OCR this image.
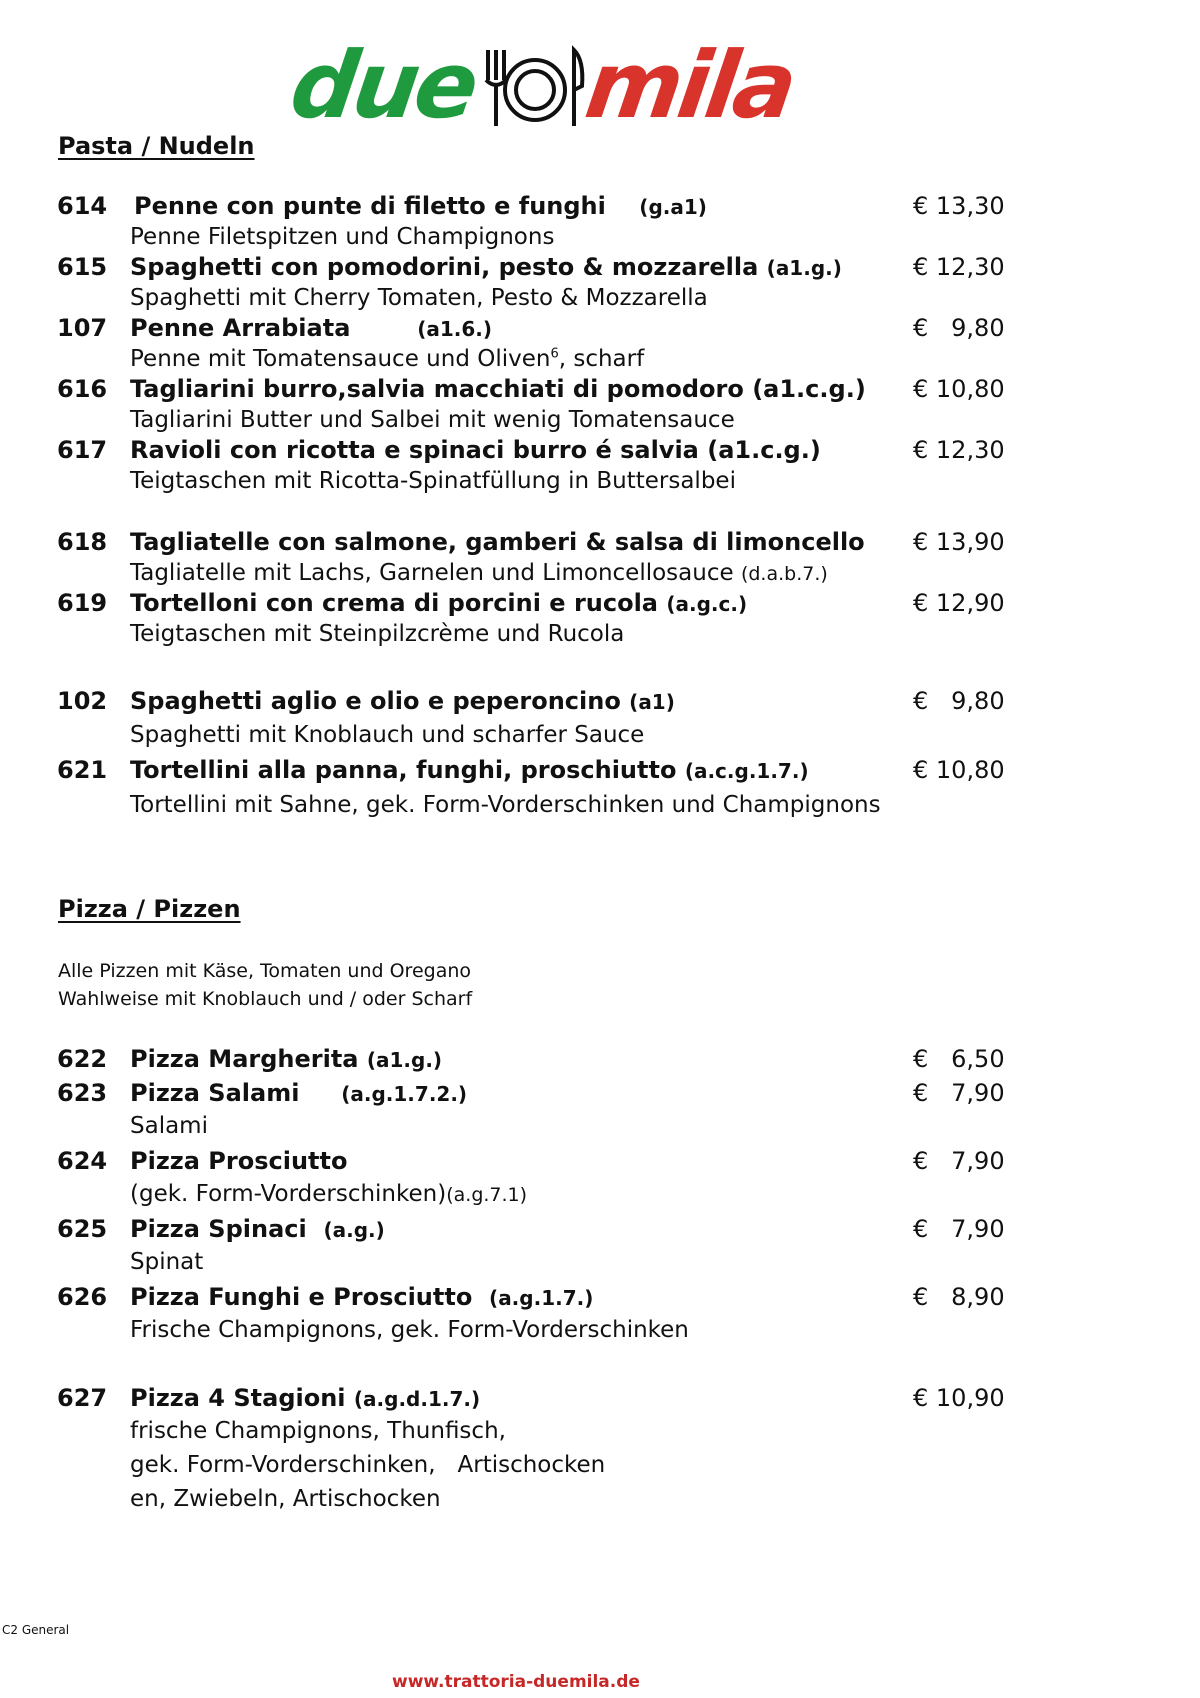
due mila
Pasta / Nudeln
614 Penne con punte di filetto e funghi (g.a1)	€ 13,30
Penne Filetspitzen und Champignons
615 Spaghetti con pomodorini, pesto & mozzarella (a1.g.)	€ 12,30
Spaghetti mit Cherry Tomaten, Pesto & Mozzarella
107 Penne Arrabiata	(a1.6.)	€   9,80
Penne mit Tomatensauce und Oliven$^6$, scharf
616 Tagliarini burro,salvia macchiati di pomodoro (a1.c.g.) € 10,80
Tagliarini Butter und Salbei mit wenig Tomatensauce
617 Ravioli con ricotta e spinaci burro é salvia (a1.c.g.)	€ 12,30
Teigtaschen mit Ricotta-Spinatfüllung in Buttersalbei
618 Tagliatelle con salmone, gamberi & salsa di limoncello € 13,90
Tagliatelle mit Lachs, Garnelen und Limoncellosauce (d.a.b.7.)
619 Tortelloni con crema di porcini e rucola (a.g.c.)	€ 12,90
Teigtaschen mit Steinpilzcrème und Rucola
102 Spaghetti aglio e olio e peperoncino (a1)	€   9,80
Spaghetti mit Knoblauch und scharfer Sauce
621 Tortellini alla panna, funghi, proschiutto (a.c.g.1.7.)	€ 10,80
Tortellini mit Sahne, gek. Form-Vorderschinken und Champignons
Pizza / Pizzen
Alle Pizzen mit Käse, Tomaten und Oregano
Wahlweise mit Knoblauch und / oder Scharf
622 Pizza Margherita (a1.g.)	€   6,50
623 Pizza Salami (a.g.1.7.2.)	€   7,90
Salami
624 Pizza Prosciutto	€   7,90
(gek. Form-Vorderschinken)(a.g.7.1)
625 Pizza Spinaci (a.g.)	€   7,90
Spinat
626 Pizza Funghi e Prosciutto (a.g.1.7.)	€   8,90
Frische Champignons, gek. Form-Vorderschinken
627 Pizza 4 Stagioni (a.g.d.1.7.)	€ 10,90
frische Champignons, Thunfisch,
gek. Form-Vorderschinken,   Artischocken
en, Zwiebeln, Artischocken
C2 General
www.trattoria-duemila.de
